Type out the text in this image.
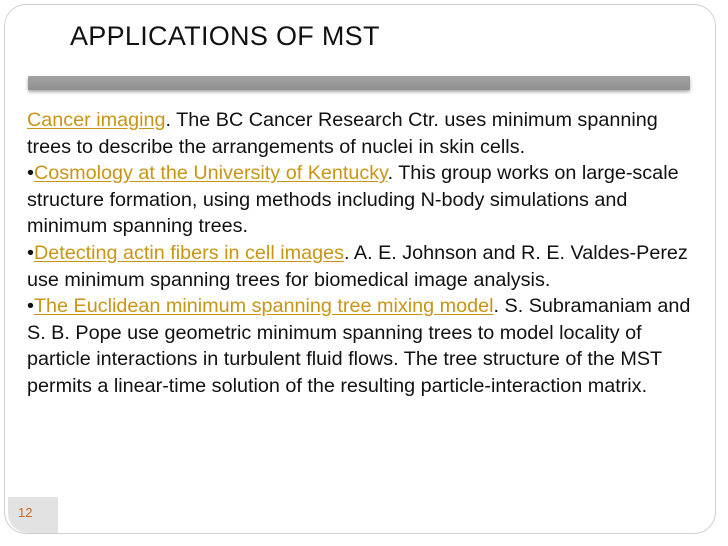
APPLICATIONS OF MST

Cancer imaging. The BC Cancer Research Ctr. uses minimum spanning trees to describe the arrangements of nuclei in skin cells.

•Cosmology at the University of Kentucky. This group works on large-scale structure formation, using methods including N-body simulations and minimum spanning trees.

•Detecting actin fibers in cell images. A. E. Johnson and R. E. Valdes-Perez use minimum spanning trees for biomedical image analysis.

•The Euclidean minimum spanning tree mixing model. S. Subramaniam and S. B. Pope use geometric minimum spanning trees to model locality of particle interactions in turbulent fluid flows. The tree structure of the MST permits a linear-time solution of the resulting particle-interaction matrix.

12
